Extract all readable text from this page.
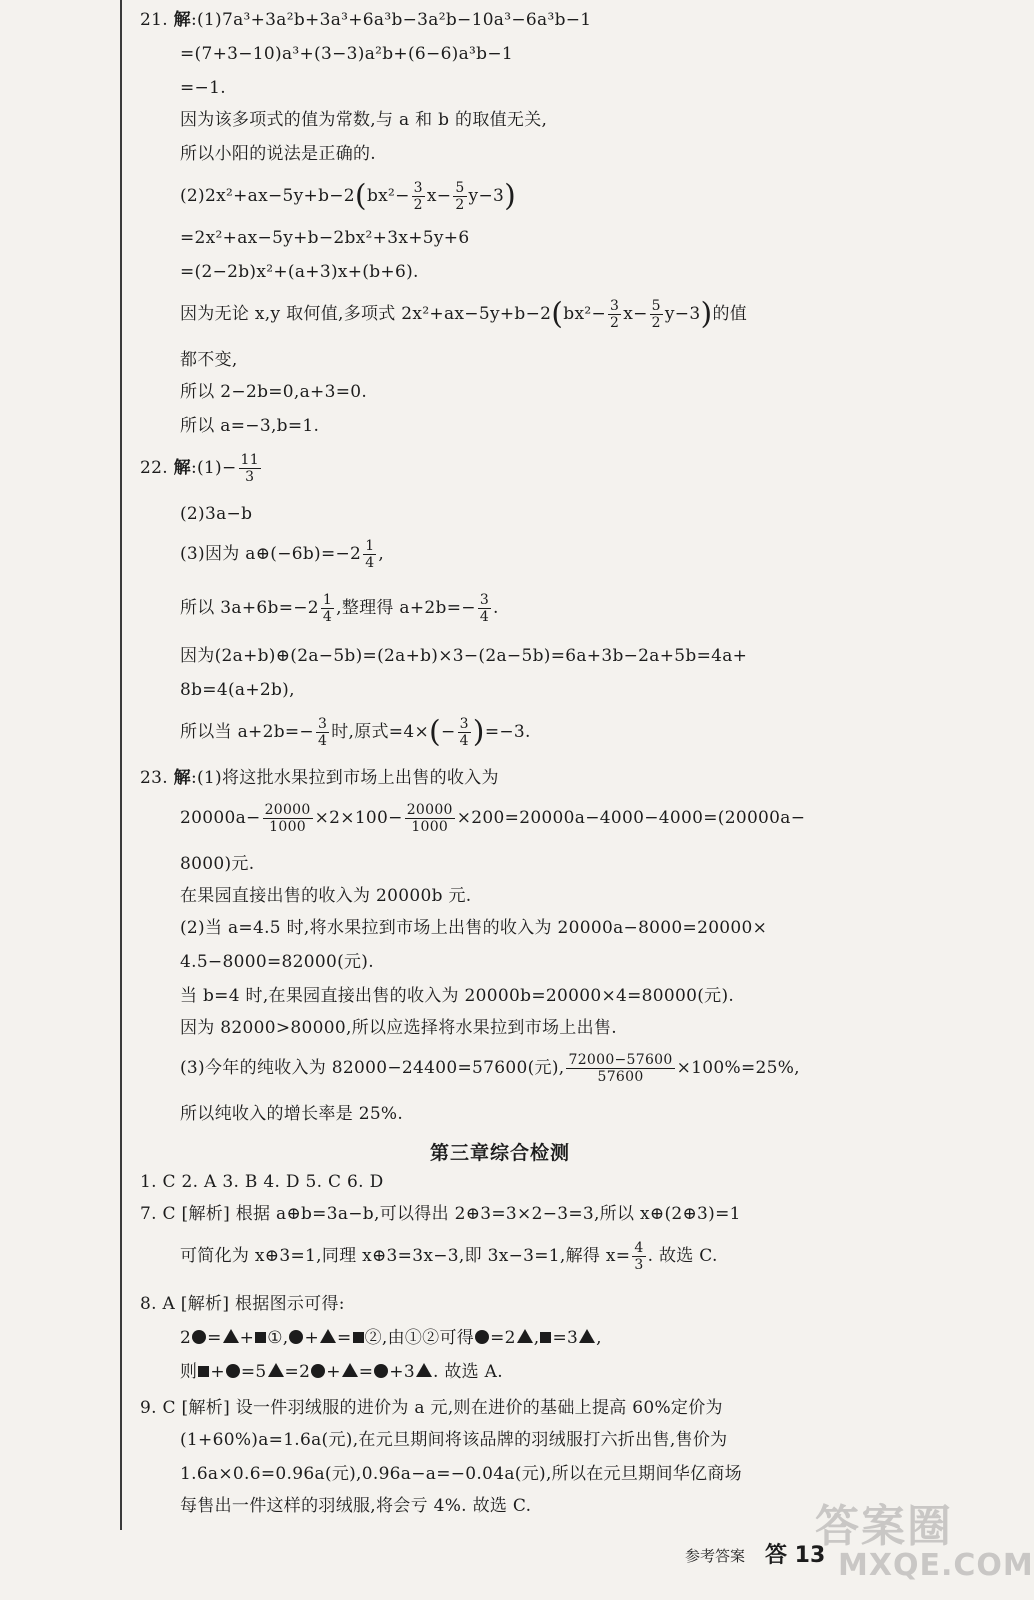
21. 解:(1)7a³+3a²b+3a³+6a³b−3a²b−10a³−6a³b−1
=(7+3−10)a³+(3−3)a²b+(6−6)a³b−1
=−1.
因为该多项式的值为常数,与 a 和 b 的取值无关,
所以小阳的说法是正确的.
$(2)2x^2+ax-5y+b-2(bx^2- \frac{3}{2} x- \frac{5}{2} y-3)$
=2x²+ax−5y+b−2bx²+3x+5y+6
=(2−2b)x²+(a+3)x+(b+6).
因为无论 x,y 取何值,多项式 $2x^2+ax-5y+b-2(bx^2- \frac{3}{2} x- \frac{5}{2} y-3)$的值
都不变,
所以 2−2b=0,a+3=0.
所以 a=−3,b=1.
22. 解:(1)− $\frac{11}{3}$
(2)3a−b
(3)因为 a⊕(−6b)=−2 $\frac{1}{4}$ ,
所以 $3a+6b=-2 \frac{1}{4}$ ,整理得 $a+2b=- \frac{3}{4}$ .
因为(2a+b)⊕(2a−5b)=(2a+b)×3−(2a−5b)=6a+3b−2a+5b=4a+
8b=4(a+2b),
所以当 $a+2b=- \frac{3}{4}$ 时,原式$=4\times(- \frac{3}{4} )=-3$.
23. 解:(1)将这批水果拉到市场上出售的收入为
$20000a- \frac{20000}{1000} \times 2\times 100- \frac{20000}{1000} \times 200=20000a-4000-4000=(20000a-$
8000)元.
在果园直接出售的收入为 20000b 元.
(2)当 a=4.5 时,将水果拉到市场上出售的收入为 20000a−8000=20000×
4.5−8000=82000(元).
当 b=4 时,在果园直接出售的收入为 20000b=20000×4=80000(元).
因为 82000>80000,所以应选择将水果拉到市场上出售.
(3)今年的纯收入为 82000−24400=57600(元), $\frac{72000-57600}{57600} \times 100\%=25\%$,
所以纯收入的增长率是 25%.
第三章综合检测
1. C 2. A 3. B 4. D 5. C 6. D
7. C [解析] 根据 a⊕b=3a−b,可以得出 2⊕3=3×2−3=3,所以 x⊕(2⊕3)=1
可简化为 x⊕3=1,同理 x⊕3=3x−3,即 3x−3=1,解得 $x= \frac{4}{3}$ . 故选 C.
8. A [解析] 根据图示可得:
2 = + ①, + = ②,由①②可得 =2 , =3 ,
则 + =5 =2 + = +3 . 故选 A.
9. C [解析] 设一件羽绒服的进价为 a 元,则在进价的基础上提高 60%定价为
(1+60%)a=1.6a(元),在元旦期间将该品牌的羽绒服打六折出售,售价为
1.6a×0.6=0.96a(元),0.96a−a=−0.04a(元),所以在元旦期间华亿商场
每售出一件这样的羽绒服,将会亏 4%. 故选 C.
参考答案 答 13
答案圈
MXQE.COM
